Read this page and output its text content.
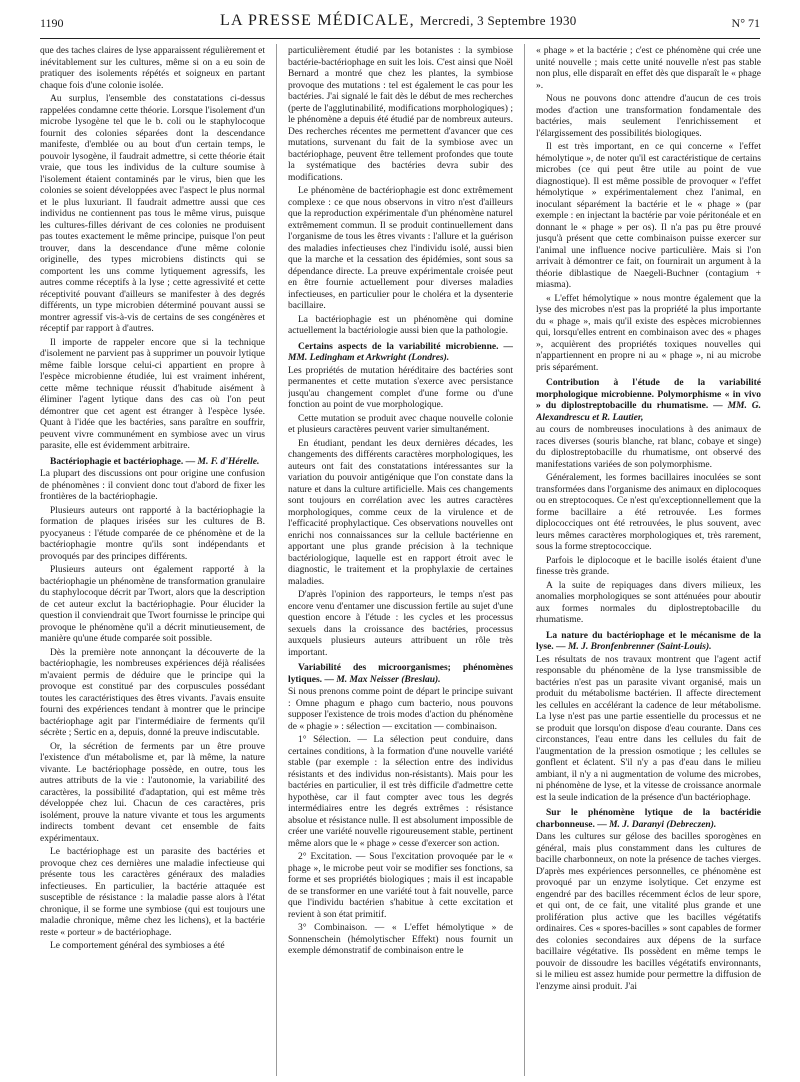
1190	LA PRESSE MÉDICALE, Mercredi, 3 Septembre 1930	N° 71

que des taches claires de lyse apparaissent régulièrement et inévitablement sur les cultures, même si on a eu soin de pratiquer des isolements répétés et soigneux en partant chaque fois d'une colonie isolée.

Au surplus, l'ensemble des constatations ci-dessus rappelées condamne cette théorie. Lorsque l'isolement d'un microbe lysogène tel que le b. coli ou le staphylocoque fournit des colonies séparées dont la descendance manifeste, d'emblée ou au bout d'un certain temps, le pouvoir lysogène, il faudrait admettre, si cette théorie était vraie, que tous les individus de la culture soumise à l'isolement étaient contaminés par le virus, bien que les colonies se soient développées avec l'aspect le plus normal et le plus luxuriant. Il faudrait admettre aussi que ces individus ne contiennent pas tous le même virus, puisque les cultures-filles dérivant de ces colonies ne produisent pas toutes exactement le même principe, puisque l'on peut trouver, dans la descendance d'une même colonie originelle, des types microbiens distincts qui se comportent les uns comme lytiquement agressifs, les autres comme réceptifs à la lyse ; cette agressivité et cette réceptivité pouvant d'ailleurs se manifester à des degrés différents, un type microbien déterminé pouvant aussi se montrer agressif vis-à-vis de certains de ses congénères et réceptif par rapport à d'autres.

Il importe de rappeler encore que si la technique d'isolement ne parvient pas à supprimer un pouvoir lytique même faible lorsque celui-ci appartient en propre à l'espèce microbienne étudiée, lui est vraiment inhérent, cette même technique réussit d'habitude aisément à éliminer l'agent lytique dans des cas où l'on peut démontrer que cet agent est étranger à l'espèce lysée. Quant à l'idée que les bactéries, sans paraître en souffrir, peuvent vivre communément en symbiose avec un virus parasite, elle est évidemment arbitraire.

Bactériophagie et bactériophage. — M. F. d'Hérelle.

La plupart des discussions ont pour origine une confusion de phénomènes : il convient donc tout d'abord de fixer les frontières de la bactériophagie.

Plusieurs auteurs ont rapporté à la bactériophagie la formation de plaques irisées sur les cultures de B. pyocyaneus : l'étude comparée de ce phénomène et de la bactériophagie montre qu'ils sont indépendants et provoqués par des principes différents.

Plusieurs auteurs ont également rapporté à la bactériophagie un phénomène de transformation granulaire du staphylocoque décrit par Twort, alors que la description de cet auteur exclut la bactériophagie. Pour élucider la question il conviendrait que Twort fournisse le principe qui provoque le phénomène qu'il a décrit minutieusement, de manière qu'une étude comparée soit possible.

Dès la première note annonçant la découverte de la bactériophagie, les nombreuses expériences déjà réalisées m'avaient permis de déduire que le principe qui la provoque est constitué par des corpuscules possédant toutes les caractéristiques des êtres vivants. J'avais ensuite fourni des expériences tendant à montrer que le principe bactériophage agit par l'intermédiaire de ferments qu'il sécrète ; Sertic en a, depuis, donné la preuve indiscutable.

Or, la sécrétion de ferments par un être prouve l'existence d'un métabolisme et, par là même, la nature vivante. Le bactériophage possède, en outre, tous les autres attributs de la vie : l'autonomie, la variabilité des caractères, la possibilité d'adaptation, qui est même très développée chez lui. Chacun de ces caractères, pris isolément, prouve la nature vivante et tous les arguments indirects tombent devant cet ensemble de faits expérimentaux.

Le bactériophage est un parasite des bactéries et provoque chez ces dernières une maladie infectieuse qui présente tous les caractères généraux des maladies infectieuses. En particulier, la bactérie attaquée est susceptible de résistance : la maladie passe alors à l'état chronique, il se forme une symbiose (qui est toujours une maladie chronique, même chez les lichens), et la bactérie reste « porteur » de bactériophage.

Le comportement général des symbioses a été

particulièrement étudié par les botanistes : la symbiose bactérie-bactériophage en suit les lois. C'est ainsi que Noël Bernard a montré que chez les plantes, la symbiose provoque des mutations : tel est également le cas pour les bactéries. J'ai signalé le fait dès le début de mes recherches (perte de l'agglutinabilité, modifications morphologiques) ; le phénomène a depuis été étudié par de nombreux auteurs. Des recherches récentes me permettent d'avancer que ces mutations, survenant du fait de la symbiose avec un bactériophage, peuvent être tellement profondes que toute la systématique des bactéries devra subir des modifications.

Le phénomène de bactériophagie est donc extrêmement complexe : ce que nous observons in vitro n'est d'ailleurs que la reproduction expérimentale d'un phénomène naturel extrêmement commun. Il se produit continuellement dans l'organisme de tous les êtres vivants : l'allure et la guérison des maladies infectieuses chez l'individu isolé, aussi bien que la marche et la cessation des épidémies, sont sous sa dépendance directe. La preuve expérimentale croisée peut en être fournie actuellement pour diverses maladies infectieuses, en particulier pour le choléra et la dysenterie bacillaire.

La bactériophagie est un phénomène qui domine actuellement la bactériologie aussi bien que la pathologie.

Certains aspects de la variabilité microbienne. — MM. Ledingham et Arkwright (Londres).

Les propriétés de mutation héréditaire des bactéries sont permanentes et cette mutation s'exerce avec persistance jusqu'au changement complet d'une forme ou d'une fonction au point de vue morphologique.

Cette mutation se produit avec chaque nouvelle colonie et plusieurs caractères peuvent varier simultanément.

En étudiant, pendant les deux dernières décades, les changements des différents caractères morphologiques, les auteurs ont fait des constatations intéressantes sur la variation du pouvoir antigénique que l'on constate dans la nature et dans la culture artificielle. Mais ces changements sont toujours en corrélation avec les autres caractères morphologiques, comme ceux de la virulence et de l'efficacité prophylactique. Ces observations nouvelles ont enrichi nos connaissances sur la cellule bactérienne en apportant une plus grande précision à la technique bactériologique, laquelle est en rapport étroit avec le diagnostic, le traitement et la prophylaxie de certaines maladies.

D'après l'opinion des rapporteurs, le temps n'est pas encore venu d'entamer une discussion fertile au sujet d'une question encore à l'étude : les cycles et les processus sexuels dans la croissance des bactéries, processus auxquels plusieurs auteurs attribuent un rôle très important.

Variabilité des microorganismes; phénomènes lytiques. — M. Max Neisser (Breslau).

Si nous prenons comme point de départ le principe suivant : Omne phagum e phago cum bacterio, nous pouvons supposer l'existence de trois modes d'action du phénomène de « phagie » : sélection — excitation — combinaison.

1° Sélection. — La sélection peut conduire, dans certaines conditions, à la formation d'une nouvelle variété stable (par exemple : la sélection entre des individus résistants et des individus non-résistants). Mais pour les bactéries en particulier, il est très difficile d'admettre cette hypothèse, car il faut compter avec tous les degrés intermédiaires entre les degrés extrêmes : résistance absolue et résistance nulle. Il est absolument impossible de créer une variété nouvelle rigoureusement stable, pertinent même alors que le « phage » cesse d'exercer son action.

2° Excitation. — Sous l'excitation provoquée par le « phage », le microbe peut voir se modifier ses fonctions, sa forme et ses propriétés biologiques ; mais il est incapable de se transformer en une variété tout à fait nouvelle, parce que l'individu bactérien s'habitue à cette excitation et revient à son état primitif.

3° Combinaison. — « L'effet hémolytique » de Sonnenschein (hémolytischer Effekt) nous fournit un exemple démonstratif de combinaison entre le

« phage » et la bactérie ; c'est ce phénomène qui crée une unité nouvelle ; mais cette unité nouvelle n'est pas stable non plus, elle disparaît en effet dès que disparaît le « phage ».

Nous ne pouvons donc attendre d'aucun de ces trois modes d'action une transformation fondamentale des bactéries, mais seulement l'enrichissement et l'élargissement des possibilités biologiques.

Il est très important, en ce qui concerne « l'effet hémolytique », de noter qu'il est caractéristique de certains microbes (ce qui peut être utile au point de vue diagnostique). Il est même possible de provoquer « l'effet hémolytique » expérimentalement chez l'animal, en inoculant séparément la bactérie et le « phage » (par exemple : en injectant la bactérie par voie péritonéale et en donnant le « phage » per os). Il n'a pas pu être prouvé jusqu'à présent que cette combinaison puisse exercer sur l'animal une influence nocive particulière. Mais si l'on arrivait à démontrer ce fait, on fournirait un argument à la théorie diblastique de Naegeli-Buchner (contagium + miasma).

« L'effet hémolytique » nous montre également que la lyse des microbes n'est pas la propriété la plus importante du « phage », mais qu'il existe des espèces microbiennes qui, lorsqu'elles entrent en combinaison avec des « phages », acquièrent des propriétés toxiques nouvelles qui n'appartiennent en propre ni au « phage », ni au microbe pris séparément.

Contribution à l'étude de la variabilité morphologique microbienne. Polymorphisme « in vivo » du diplostreptobacille du rhumatisme. — MM. G. Alexandrescu et R. Lautier,

au cours de nombreuses inoculations à des animaux de races diverses (souris blanche, rat blanc, cobaye et singe) du diplostreptobacille du rhumatisme, ont observé des manifestations variées de son polymorphisme.

Généralement, les formes bacillaires inoculées se sont transformées dans l'organisme des animaux en diplocoques ou en streptocoques. Ce n'est qu'exceptionnellement que la forme bacillaire a été retrouvée. Les formes diplococciques ont été retrouvées, le plus souvent, avec leurs mêmes caractères morphologiques et, très rarement, sous la forme streptococcique.

Parfois le diplocoque et le bacille isolés étaient d'une finesse très grande.

A la suite de repiquages dans divers milieux, les anomalies morphologiques se sont atténuées pour aboutir aux formes normales du diplostreptobacille du rhumatisme.

La nature du bactériophage et le mécanisme de la lyse. — M. J. Bronfenbrenner (Saint-Louis).

Les résultats de nos travaux montrent que l'agent actif responsable du phénomène de la lyse transmissible de bactéries n'est pas un parasite vivant organisé, mais un produit du métabolisme bactérien. Il affecte directement les cellules en accélérant la cadence de leur métabolisme. La lyse n'est pas une partie essentielle du processus et ne se produit que lorsqu'on dispose d'eau courante. Dans ces circonstances, l'eau entre dans les cellules du fait de l'augmentation de la pression osmotique ; les cellules se gonflent et éclatent. S'il n'y a pas d'eau dans le milieu ambiant, il n'y a ni augmentation de volume des microbes, ni phénomène de lyse, et la vitesse de croissance anormale est la seule indication de la présence d'un bactériophage.

Sur le phénomène lytique de la bactéridie charbonneuse. — M. J. Daranyi (Debreczen).

Dans les cultures sur gélose des bacilles sporogènes en général, mais plus constamment dans les cultures de bacille charbonneux, on note la présence de taches vierges. D'après mes expériences personnelles, ce phénomène est provoqué par un enzyme isolytique. Cet enzyme est engendré par des bacilles récemment éclos de leur spore, et qui ont, de ce fait, une vitalité plus grande et une prolifération plus active que les bacilles végétatifs ordinaires. Ces « spores-bacilles » sont capables de former des colonies secondaires aux dépens de la surface bacillaire végétative. Ils possèdent en même temps le pouvoir de dissoudre les bacilles végétatifs environnants, si le milieu est assez humide pour permettre la diffusion de l'enzyme ainsi produit. J'ai
